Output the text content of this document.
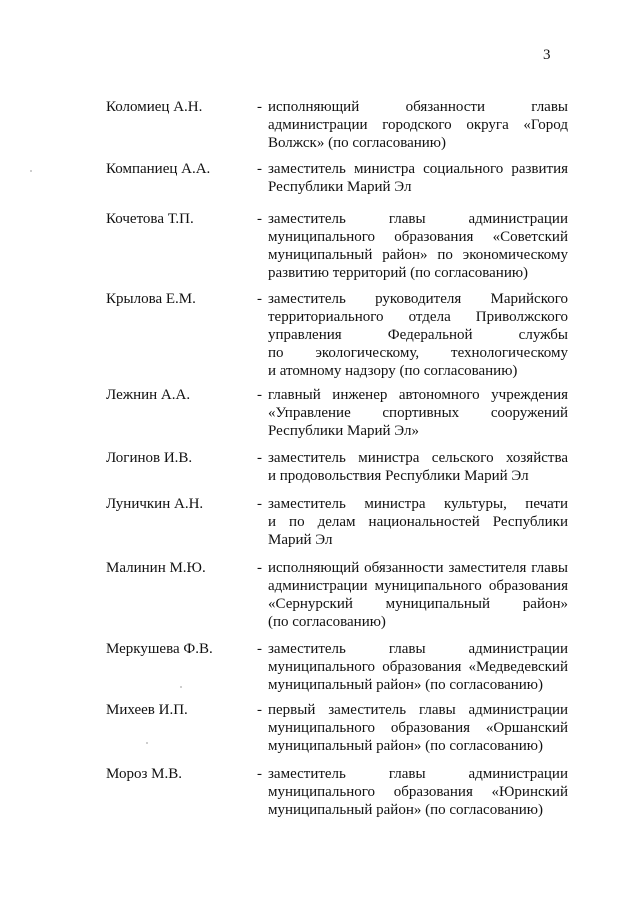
3
Коломиец А.Н.	- исполняющий обязанности главы
администрации городского округа «Город
Волжск» (по согласованию)
Компаниец А.А.	- заместитель министра социального развития
Республики Марий Эл
Кочетова Т.П.	- заместитель главы администрации
муниципального образования «Советский
муниципальный район» по экономическому
развитию территорий (по согласованию)
Крылова Е.М.	- заместитель руководителя Марийского
территориального отдела Приволжского
управления Федеральной службы
по экологическому, технологическому
и атомному надзору (по согласованию)
Лежнин А.А.	- главный инженер автономного учреждения
«Управление спортивных сооружений
Республики Марий Эл»
Логинов И.В.	- заместитель министра сельского хозяйства
и продовольствия Республики Марий Эл
Луничкин А.Н.	- заместитель министра культуры, печати
и по делам национальностей Республики
Марий Эл
Малинин М.Ю.	- исполняющий обязанности заместителя главы
администрации муниципального образования
«Сернурский муниципальный район»
(по согласованию)
Меркушева Ф.В.	- заместитель главы администрации
муниципального образования «Медведевский
муниципальный район» (по согласованию)
Михеев И.П.	- первый заместитель главы администрации
муниципального образования «Оршанский
муниципальный район» (по согласованию)
Мороз М.В.	- заместитель главы администрации
муниципального образования «Юринский
муниципальный район» (по согласованию)
